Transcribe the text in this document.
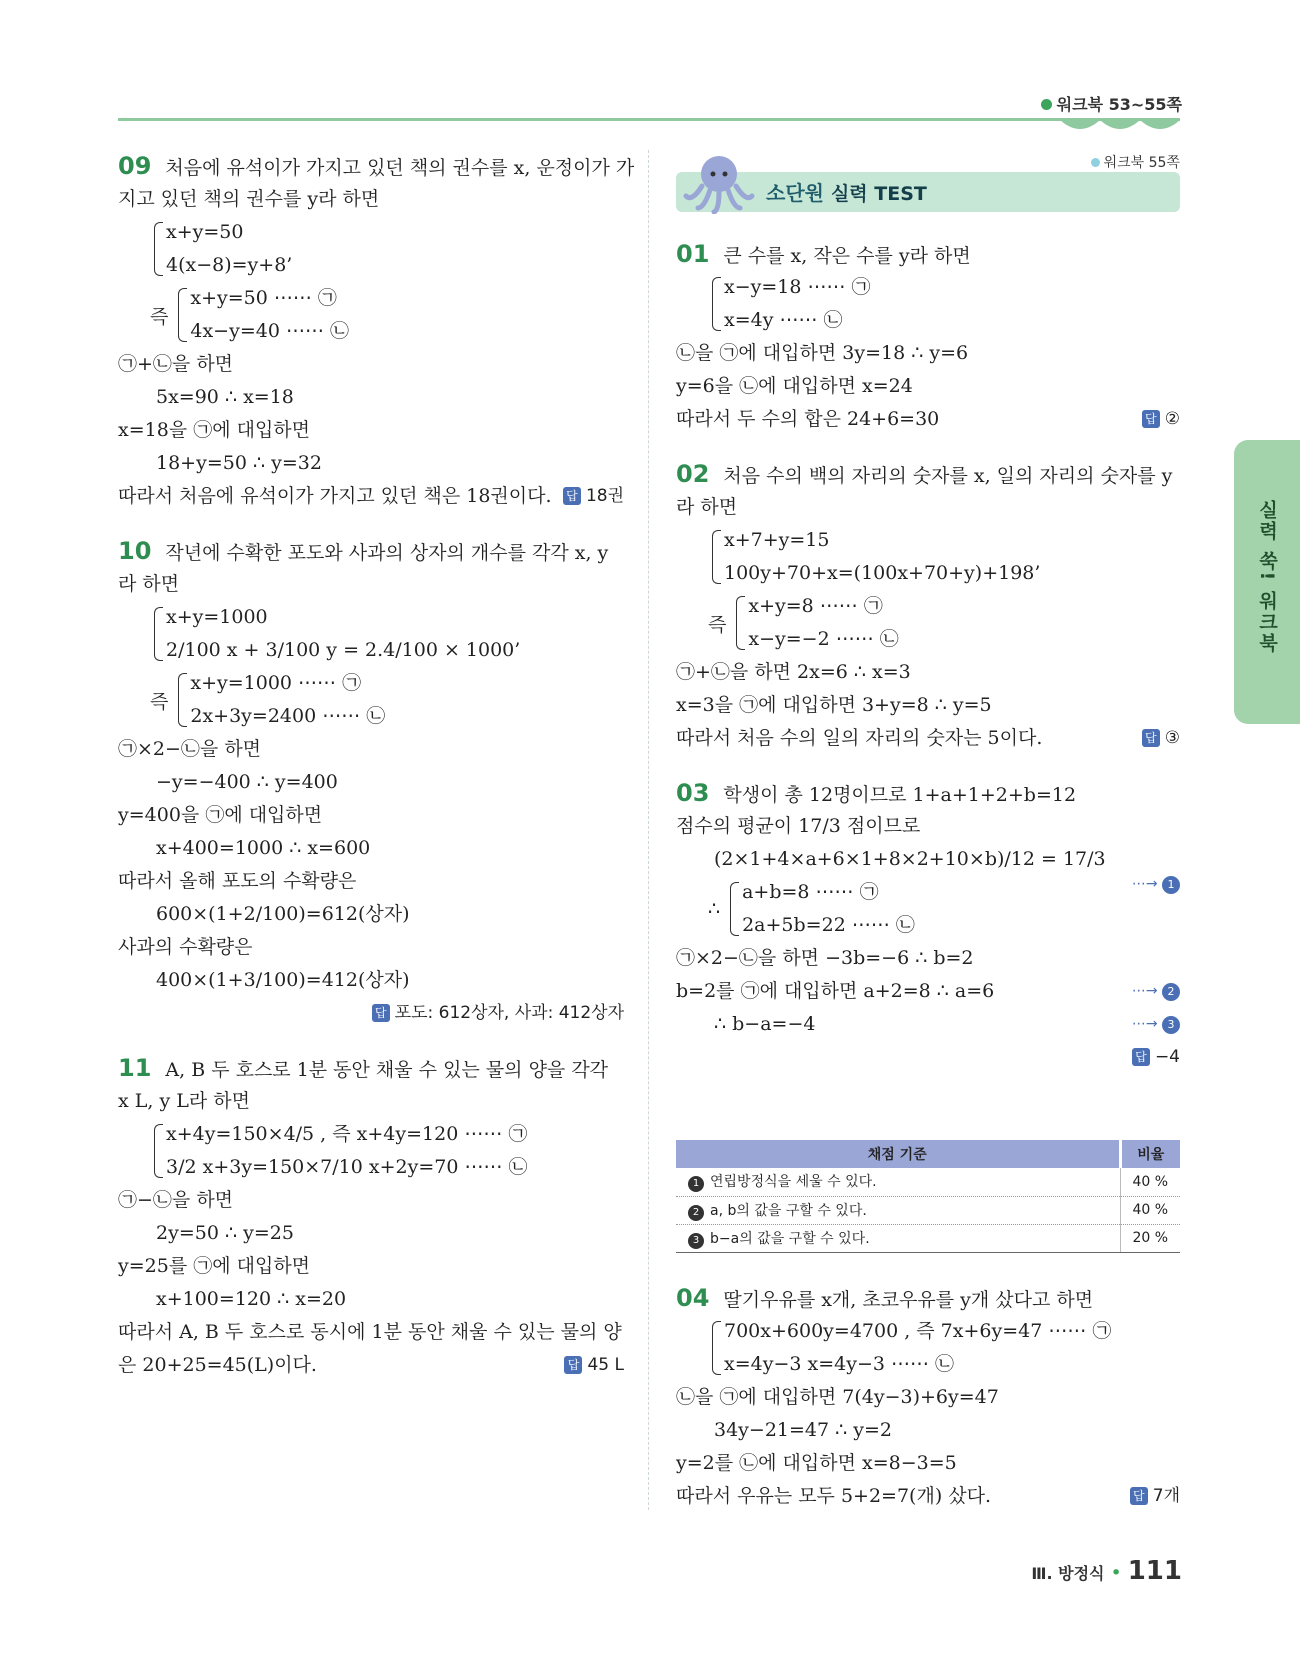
워크북 53~55쪽
워크북 55쪽
소단원 실력 TEST
09 처음에 유석이가 가지고 있던 책의 권수를 x, 운정이가 가
지고 있던 책의 권수를 y라 하면
x+y=50
4(x−8)=y+8’
즉
x+y=50 ⋯⋯ ㉠
4x−y=40 ⋯⋯ ㉡
㉠+㉡을 하면
5x=90 ∴ x=18
x=18을 ㉠에 대입하면
18+y=50 ∴ y=32
따라서 처음에 유석이가 가지고 있던 책은 18권이다. 답 18권
10 작년에 수확한 포도와 사과의 상자의 개수를 각각 x, y
라 하면
x+y=1000
2/100 x + 3/100 y = 2.4/100 × 1000’
즉
x+y=1000 ⋯⋯ ㉠
2x+3y=2400 ⋯⋯ ㉡
㉠×2−㉡을 하면
−y=−400 ∴ y=400
y=400을 ㉠에 대입하면
x+400=1000 ∴ x=600
따라서 올해 포도의 수확량은
600×(1+2/100)=612(상자)
사과의 수확량은
400×(1+3/100)=412(상자)
답 포도: 612상자, 사과: 412상자
11 A, B 두 호스로 1분 동안 채울 수 있는 물의 양을 각각
x L, y L라 하면
x+4y=150×4/5 , 즉 x+4y=120 ⋯⋯ ㉠
3/2 x+3y=150×7/10 x+2y=70 ⋯⋯ ㉡
㉠−㉡을 하면
2y=50 ∴ y=25
y=25를 ㉠에 대입하면
x+100=120 ∴ x=20
따라서 A, B 두 호스로 동시에 1분 동안 채울 수 있는 물의 양
은 20+25=45(L)이다.	답 45 L
01 큰 수를 x, 작은 수를 y라 하면
x−y=18 ⋯⋯ ㉠
x=4y ⋯⋯ ㉡
㉡을 ㉠에 대입하면 3y=18 ∴ y=6
y=6을 ㉡에 대입하면 x=24
따라서 두 수의 합은 24+6=30	답 ②
02 처음 수의 백의 자리의 숫자를 x, 일의 자리의 숫자를 y
라 하면
x+7+y=15
100y+70+x=(100x+70+y)+198’
즉
x+y=8 ⋯⋯ ㉠
x−y=−2 ⋯⋯ ㉡
㉠+㉡을 하면 2x=6 ∴ x=3
x=3을 ㉠에 대입하면 3+y=8 ∴ y=5
따라서 처음 수의 일의 자리의 숫자는 5이다.	답 ③
03 학생이 총 12명이므로 1+a+1+2+b=12
점수의 평균이 17/3 점이므로
(2×1+4×a+6×1+8×2+10×b)/12 = 17/3
∴
a+b=8 ⋯⋯ ㉠
2a+5b=22 ⋯⋯ ㉡
⋯→ 1
㉠×2−㉡을 하면 −3b=−6 ∴ b=2
b=2를 ㉠에 대입하면 a+2=8 ∴ a=6	⋯→ 2
∴ b−a=−4	⋯→ 3
답 −4
채점 기준	비율
1 연립방정식을 세울 수 있다.	40 %
2 a, b의 값을 구할 수 있다.	40 %
3 b−a의 값을 구할 수 있다.	20 %
04 딸기우유를 x개, 초코우유를 y개 샀다고 하면
700x+600y=4700 , 즉 7x+6y=47 ⋯⋯ ㉠
x=4y−3 x=4y−3 ⋯⋯ ㉡
㉡을 ㉠에 대입하면 7(4y−3)+6y=47
34y−21=47 ∴ y=2
y=2를 ㉡에 대입하면 x=8−3=5
따라서 우유는 모두 5+2=7(개) 샀다.	답 7개
실력 쑥! 워크북
Ⅲ. 방정식 • 111
